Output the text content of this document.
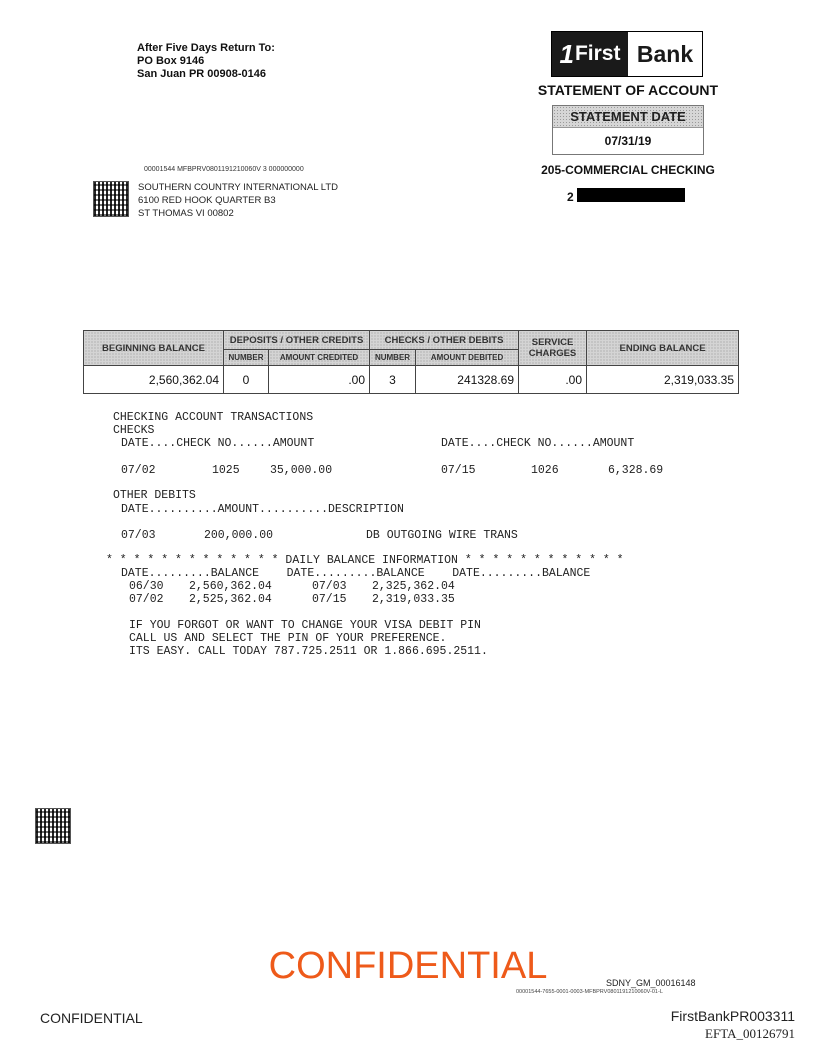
After Five Days Return To:
PO Box 9146
San Juan PR 00908-0146
1 First Bank
STATEMENT OF ACCOUNT
STATEMENT DATE
07/31/19
205-COMMERCIAL CHECKING
2
00001544 MFBPRV0801191210060V 3 000000000
SOUTHERN COUNTRY INTERNATIONAL LTD
6100 RED HOOK QUARTER B3
ST THOMAS VI 00802
BEGINNING BALANCE	DEPOSITS / OTHER CREDITS		CHECKS / OTHER DEBITS		SERVICE CHARGES	ENDING BALANCE
	NUMBER	AMOUNT CREDITED	NUMBER	AMOUNT DEBITED		
2,560,362.04	0	.00	3	241328.69	.00	2,319,033.35
CHECKING ACCOUNT TRANSACTIONS
CHECKS
DATE....CHECK NO......AMOUNT	DATE....CHECK NO......AMOUNT
07/02	1025	35,000.00	07/15	1026	6,328.69
OTHER DEBITS
DATE..........AMOUNT..........DESCRIPTION
07/03	200,000.00	DB OUTGOING WIRE TRANS
* * * * * * * * * * * * * DAILY BALANCE INFORMATION * * * * * * * * * * * *
DATE.........BALANCE    DATE.........BALANCE    DATE.........BALANCE
06/30 2,560,362.04	07/03 2,325,362.04
07/02 2,525,362.04	07/15 2,319,033.35
IF YOU FORGOT OR WANT TO CHANGE YOUR VISA DEBIT PIN
CALL US AND SELECT THE PIN OF YOUR PREFERENCE.
ITS EASY. CALL TODAY 787.725.2511 OR 1.866.695.2511.
CONFIDENTIAL	SDNY_GM_00016148
00001544-7655-0001-0003-MFBPRV0801191210060V-01-L
CONFIDENTIAL	FirstBankPR003311
EFTA_00126791
